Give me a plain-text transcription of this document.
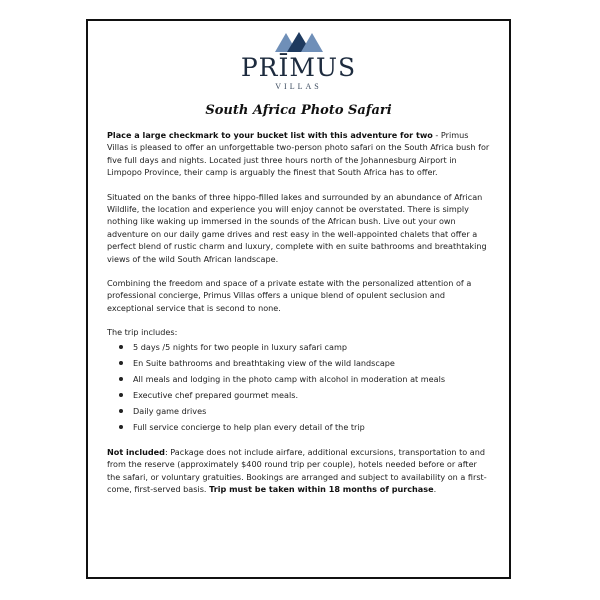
PRĪMUS
VILLAS
South Africa Photo Safari

Place a large checkmark to your bucket list with this adventure for two - Primus Villas is pleased to offer an unforgettable two-person photo safari on the South Africa bush for five full days and nights. Located just three hours north of the Johannesburg Airport in Limpopo Province, their camp is arguably the finest that South Africa has to offer.

Situated on the banks of three hippo-filled lakes and surrounded by an abundance of African Wildlife, the location and experience you will enjoy cannot be overstated. There is simply nothing like waking up immersed in the sounds of the African bush. Live out your own adventure on our daily game drives and rest easy in the well-appointed chalets that offer a perfect blend of rustic charm and luxury, complete with en suite bathrooms and breathtaking views of the wild South African landscape.

Combining the freedom and space of a private estate with the personalized attention of a professional concierge, Primus Villas offers a unique blend of opulent seclusion and exceptional service that is second to none.

The trip includes:
5 days /5 nights for two people in luxury safari camp
En Suite bathrooms and breathtaking view of the wild landscape
All meals and lodging in the photo camp with alcohol in moderation at meals
Executive chef prepared gourmet meals.
Daily game drives
Full service concierge to help plan every detail of the trip

Not included: Package does not include airfare, additional excursions, transportation to and from the reserve (approximately $400 round trip per couple), hotels needed before or after the safari, or voluntary gratuities. Bookings are arranged and subject to availability on a first-come, first-served basis. Trip must be taken within 18 months of purchase.
